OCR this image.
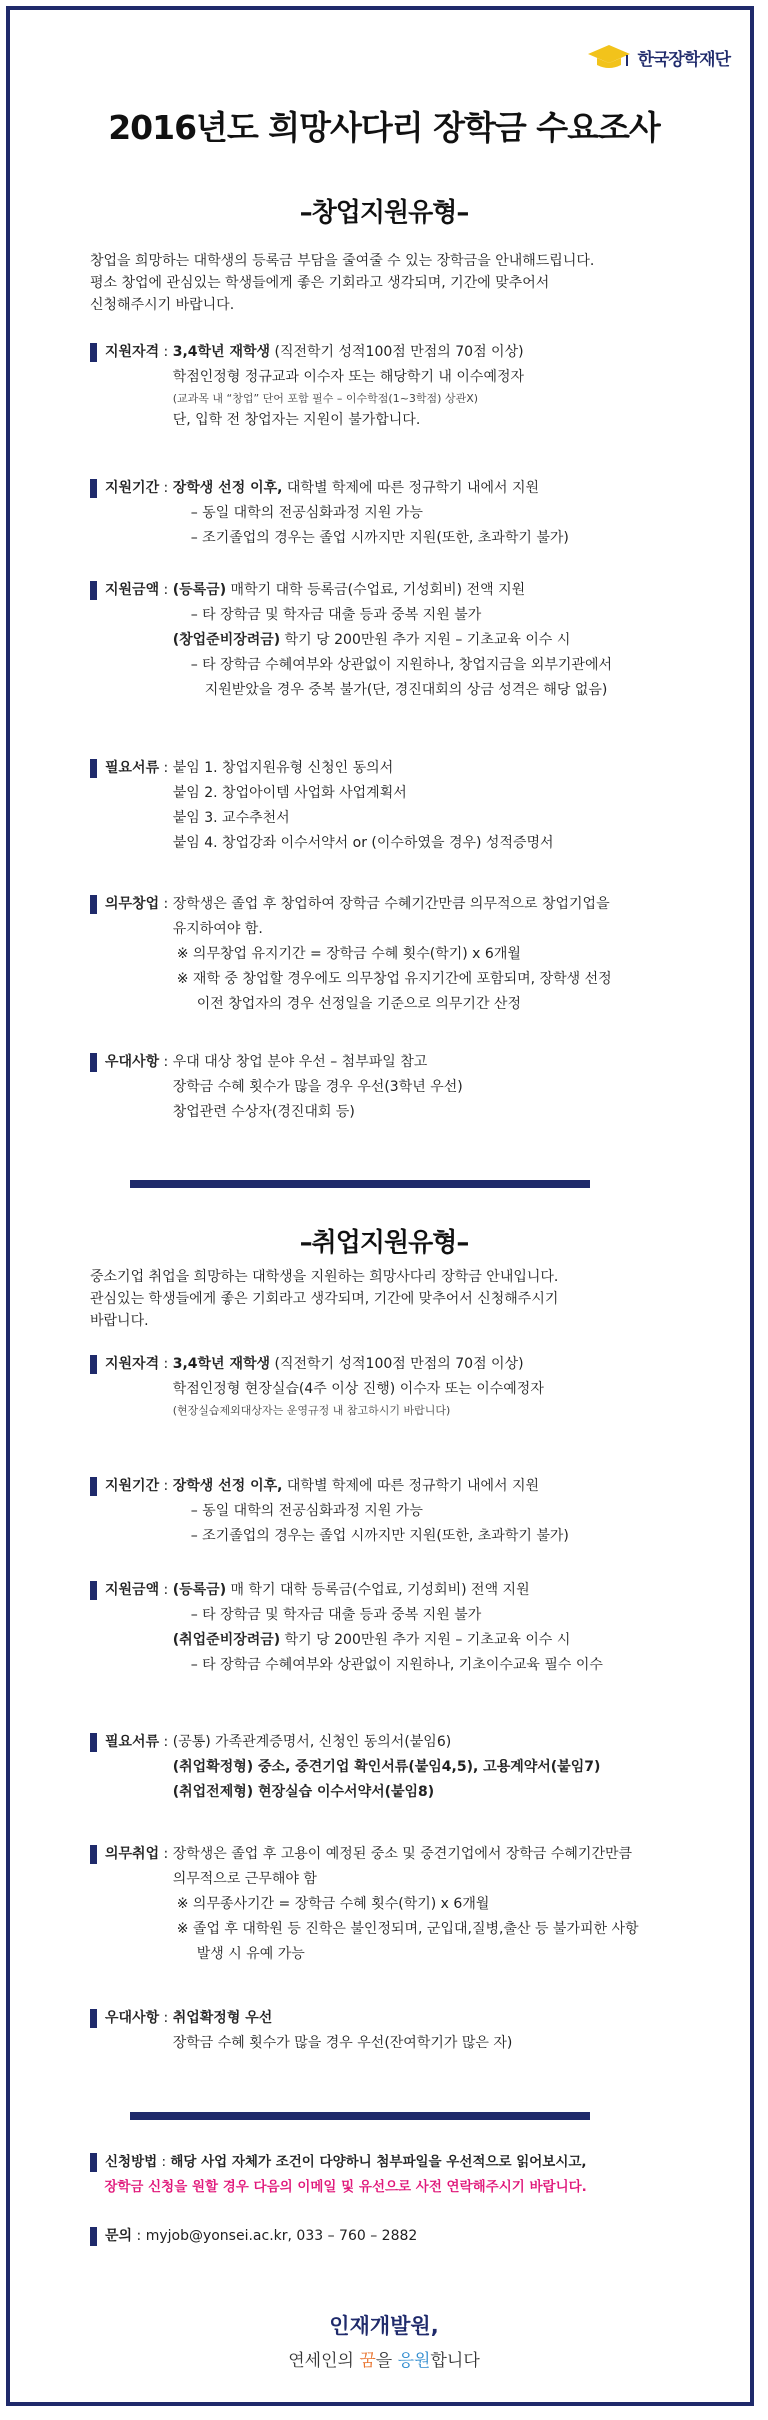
한국장학재단
2016년도 희망사다리 장학금 수요조사
–창업지원유형–
창업을 희망하는 대학생의 등록금 부담을 줄여줄 수 있는 장학금을 안내해드립니다.
평소 창업에 관심있는 학생들에게 좋은 기회라고 생각되며, 기간에 맞추어서
신청해주시기 바랍니다.
지원자격 : 3,4학년 재학생 (직전학기 성적100점 만점의 70점 이상)
학점인정형 정규교과 이수자 또는 해당학기 내 이수예정자
(교과목 내 “창업” 단어 포함 필수 – 이수학점(1~3학점) 상관X)
단, 입학 전 창업자는 지원이 불가합니다.
지원기간 : 장학생 선정 이후, 대학별 학제에 따른 정규학기 내에서 지원
– 동일 대학의 전공심화과정 지원 가능
– 조기졸업의 경우는 졸업 시까지만 지원(또한, 초과학기 불가)
지원금액 : (등록금) 매학기 대학 등록금(수업료, 기성회비) 전액 지원
– 타 장학금 및 학자금 대출 등과 중복 지원 불가
(창업준비장려금) 학기 당 200만원 추가 지원 – 기초교육 이수 시
– 타 장학금 수혜여부와 상관없이 지원하나, 창업지금을 외부기관에서
지원받았을 경우 중복 불가(단, 경진대회의 상금 성격은 해당 없음)
필요서류 : 붙임 1. 창업지원유형 신청인 동의서
붙임 2. 창업아이템 사업화 사업계획서
붙임 3. 교수추천서
붙임 4. 창업강좌 이수서약서 or (이수하였을 경우) 성적증명서
의무창업 : 장학생은 졸업 후 창업하여 장학금 수혜기간만큼 의무적으로 창업기업을
유지하여야 함.
※ 의무창업 유지기간 = 장학금 수혜 횟수(학기) x 6개월
※ 재학 중 창업할 경우에도 의무창업 유지기간에 포함되며, 장학생 선정
이전 창업자의 경우 선정일을 기준으로 의무기간 산정
우대사항 : 우대 대상 창업 분야 우선 – 첨부파일 참고
장학금 수혜 횟수가 많을 경우 우선(3학년 우선)
창업관련 수상자(경진대회 등)
–취업지원유형–
중소기업 취업을 희망하는 대학생을 지원하는 희망사다리 장학금 안내입니다.
관심있는 학생들에게 좋은 기회라고 생각되며, 기간에 맞추어서 신청해주시기
바랍니다.
지원자격 : 3,4학년 재학생 (직전학기 성적100점 만점의 70점 이상)
학점인정형 현장실습(4주 이상 진행) 이수자 또는 이수예정자
(현장실습제외대상자는 운영규정 내 참고하시기 바랍니다)
지원기간 : 장학생 선정 이후, 대학별 학제에 따른 정규학기 내에서 지원
– 동일 대학의 전공심화과정 지원 가능
– 조기졸업의 경우는 졸업 시까지만 지원(또한, 초과학기 불가)
지원금액 : (등록금) 매 학기 대학 등록금(수업료, 기성회비) 전액 지원
– 타 장학금 및 학자금 대출 등과 중복 지원 불가
(취업준비장려금) 학기 당 200만원 추가 지원 – 기초교육 이수 시
– 타 장학금 수혜여부와 상관없이 지원하나, 기초이수교육 필수 이수
필요서류 : (공통) 가족관계증명서, 신청인 동의서(붙임6)
(취업확정형) 중소, 중견기업 확인서류(붙임4,5), 고용계약서(붙임7)
(취업전제형) 현장실습 이수서약서(붙임8)
의무취업 : 장학생은 졸업 후 고용이 예정된 중소 및 중견기업에서 장학금 수혜기간만큼
의무적으로 근무해야 함
※ 의무종사기간 = 장학금 수혜 횟수(학기) x 6개월
※ 졸업 후 대학원 등 진학은 불인정되며, 군입대,질병,출산 등 불가피한 사항
발생 시 유예 가능
우대사항 : 취업확정형 우선
장학금 수혜 횟수가 많을 경우 우선(잔여학기가 많은 자)
신청방법 : 해당 사업 자체가 조건이 다양하니 첨부파일을 우선적으로 읽어보시고,
장학금 신청을 원할 경우 다음의 이메일 및 유선으로 사전 연락해주시기 바랍니다.
문의 : myjob@yonsei.ac.kr, 033 – 760 – 2882
인재개발원,
연세인의 꿈을 응원합니다
